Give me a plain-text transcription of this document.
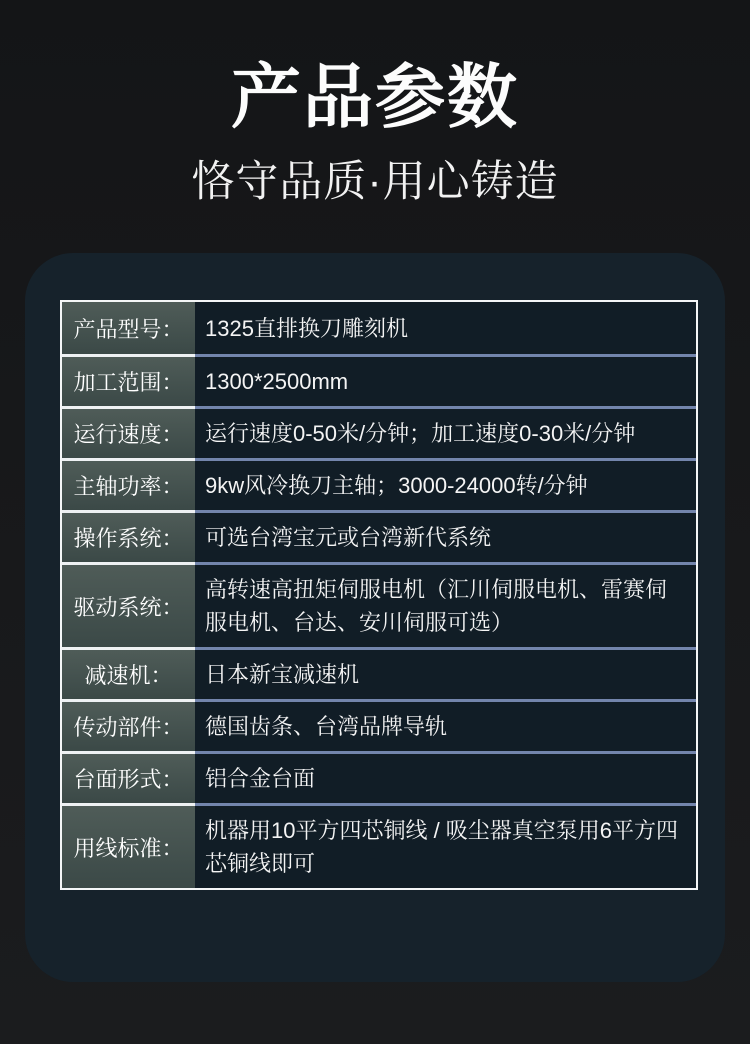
产品参数
恪守品质·用心铸造
产品型号： 1325直排换刀雕刻机
加工范围： 1300*2500mm
运行速度： 运行速度0-50米/分钟；加工速度0-30米/分钟
主轴功率： 9kw风冷换刀主轴；3000-24000转/分钟
操作系统： 可选台湾宝元或台湾新代系统
驱动系统：
高转速高扭矩伺服电机（汇川伺服电机、雷赛伺服电机、台达、安川伺服可选）
减速机：	日本新宝减速机
传动部件： 德国齿条、台湾品牌导轨
台面形式： 铝合金台面
用线标准：
机器用10平方四芯铜线 / 吸尘器真空泵用6平方四芯铜线即可
